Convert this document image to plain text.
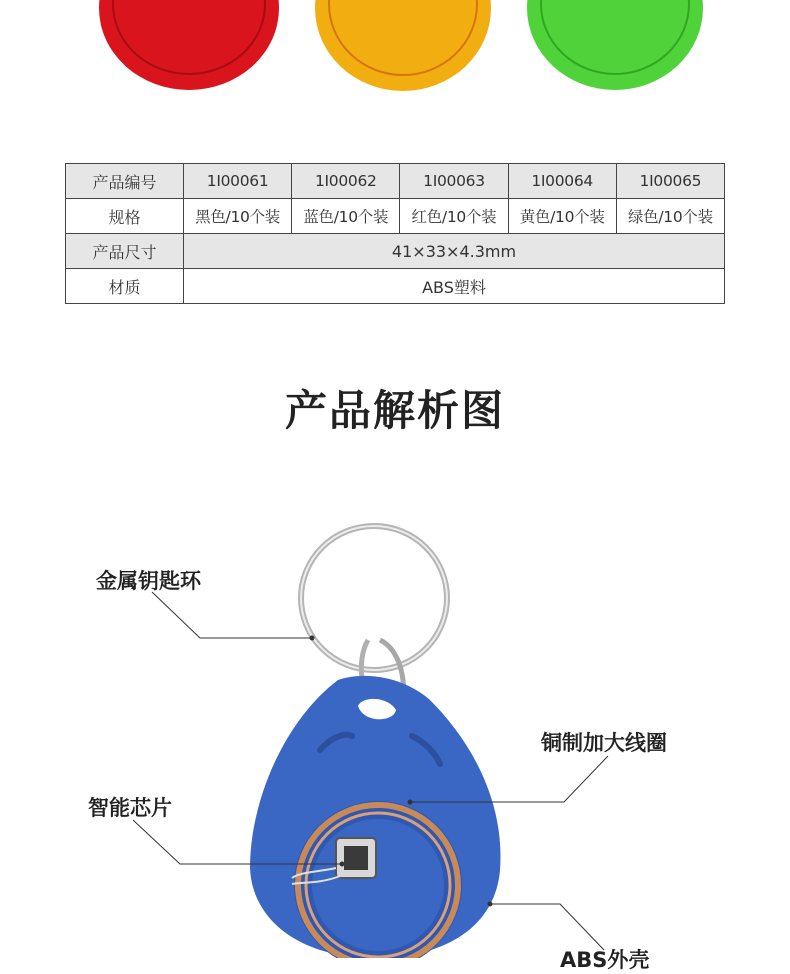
产品编号	1I00061	1I00062	1I00063	1I00064	1I00065
规格	黑色/10个装	蓝色/10个装	红色/10个装	黄色/10个装	绿色/10个装
产品尺寸	41×33×4.3mm				
材质	ABS塑料				
产品解析图
金属钥匙环
铜制加大线圈
智能芯片
ABS外壳
